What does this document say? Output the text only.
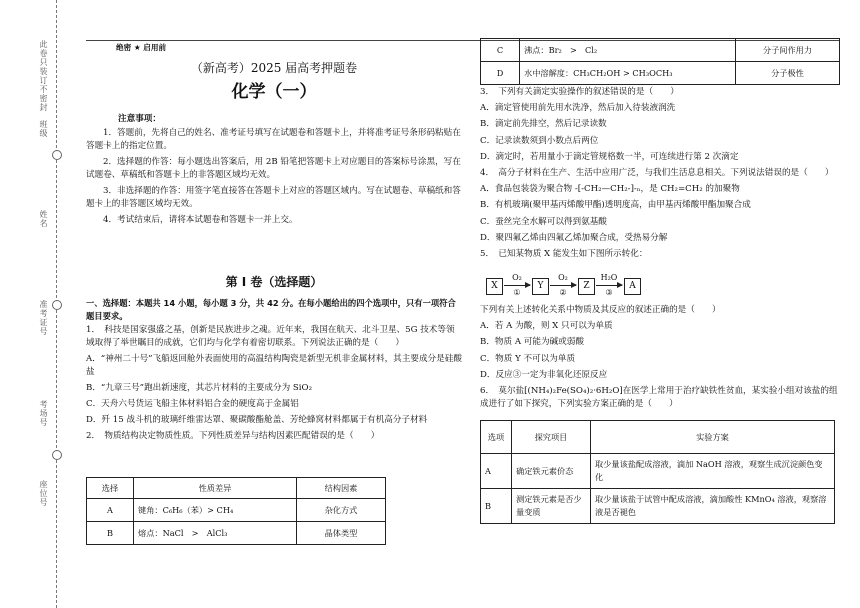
此卷只装订不密封
班级
姓名
准考证号
考场号
座位号
绝密 ★ 启用前
（新高考）2025 届高考押题卷
化学（一）
注意事项：

1．答题前，先将自己的姓名、准考证号填写在试题卷和答题卡上，并将准考证号条形码粘贴在答题卡上的指定位置。

2．选择题的作答：每小题选出答案后，用 2B 铅笔把答题卡上对应题目的答案标号涂黑，写在试题卷、草稿纸和答题卡上的非答题区域均无效。

3．非选择题的作答：用签字笔直接答在答题卡上对应的答题区域内。写在试题卷、草稿纸和答题卡上的非答题区域均无效。

4．考试结束后，请将本试题卷和答题卡一并上交。

第 I 卷（选择题）
一、选择题：本题共 14 小题，每小题 3 分，共 42 分。在每小题给出的四个选项中，只有一项符合题目要求。

1．　科技是国家强盛之基，创新是民族进步之魂。近年来，我国在航天、北斗卫星、5G 技术等领域取得了举世瞩目的成就，它们均与化学有着密切联系。下列说法正确的是（　　）

A．“神州二十号”飞船返回舱外表面使用的高温结构陶瓷是新型无机非金属材料，其主要成分是硅酸盐

B．“九章三号”跑出新速度，其芯片材料的主要成分为 SiO₂

C．天舟六号货运飞船主体材料铝合金的硬度高于金属铝

D．歼 15 战斗机的玻璃纤维雷达罩、聚碳酸酯舱盖、芳纶蜂窝材料都属于有机高分子材料

2．　物质结构决定物质性质。下列性质差异与结构因素匹配错误的是（　　）

选择	性质差异	结构因素
A	键角：C₆H₆（苯）> CH₄	杂化方式
B	熔点：NaCl　>　AlCl₃	晶体类型
C	沸点：Br₂　>　Cl₂	分子间作用力
D	水中溶解度：CH₃CH₂OH > CH₃OCH₃	分子极性

3．　下列有关滴定实验操作的叙述错误的是（　　）

A．滴定管使用前先用水洗净，然后加入待装液润洗

B．滴定前先排空，然后记录读数

C．记录读数须到小数点后两位

D．滴定时，若用量小于滴定管规格数一半，可连续进行第 2 次滴定

4．　高分子材料在生产、生活中应用广泛，与我们生活息息相关。下列说法错误的是（　　）

A．食品包装袋为聚合物 ‑[‑CH₂—CH₂‑]‑ₙ，是 CH₂=CH₂ 的加聚物

B．有机玻璃(聚甲基丙烯酸甲酯)透明度高，由甲基丙烯酸甲酯加聚合成

C．蚕丝完全水解可以得到氨基酸

D．聚四氟乙烯由四氟乙烯加聚合成，受热易分解

5．　已知某物质 X 能发生如下图所示转化：

X
O₂
①
Y
O₂
②
Z
H₂O
③
A

下列有关上述转化关系中物质及其反应的叙述正确的是（　　）

A．若 A 为酸，则 X 只可以为单质

B．物质 A 可能为碱或弱酸

C．物质 Y 不可以为单质

D．反应③一定为非氧化还原反应

6．　莫尔盐[(NH₄)₂Fe(SO₄)₂·6H₂O]在医学上常用于治疗缺铁性贫血，某实验小组对该盐的组成进行了如下探究，下列实验方案正确的是（　　）

选项	探究项目	实验方案
A	确定铁元素价态	取少量该盐配成溶液，滴加 NaOH 溶液，观察生成沉淀颜色变化
B	测定铁元素是否少量变质	取少量该盐于试管中配成溶液，滴加酸性 KMnO₄ 溶液，观察溶液是否褪色
